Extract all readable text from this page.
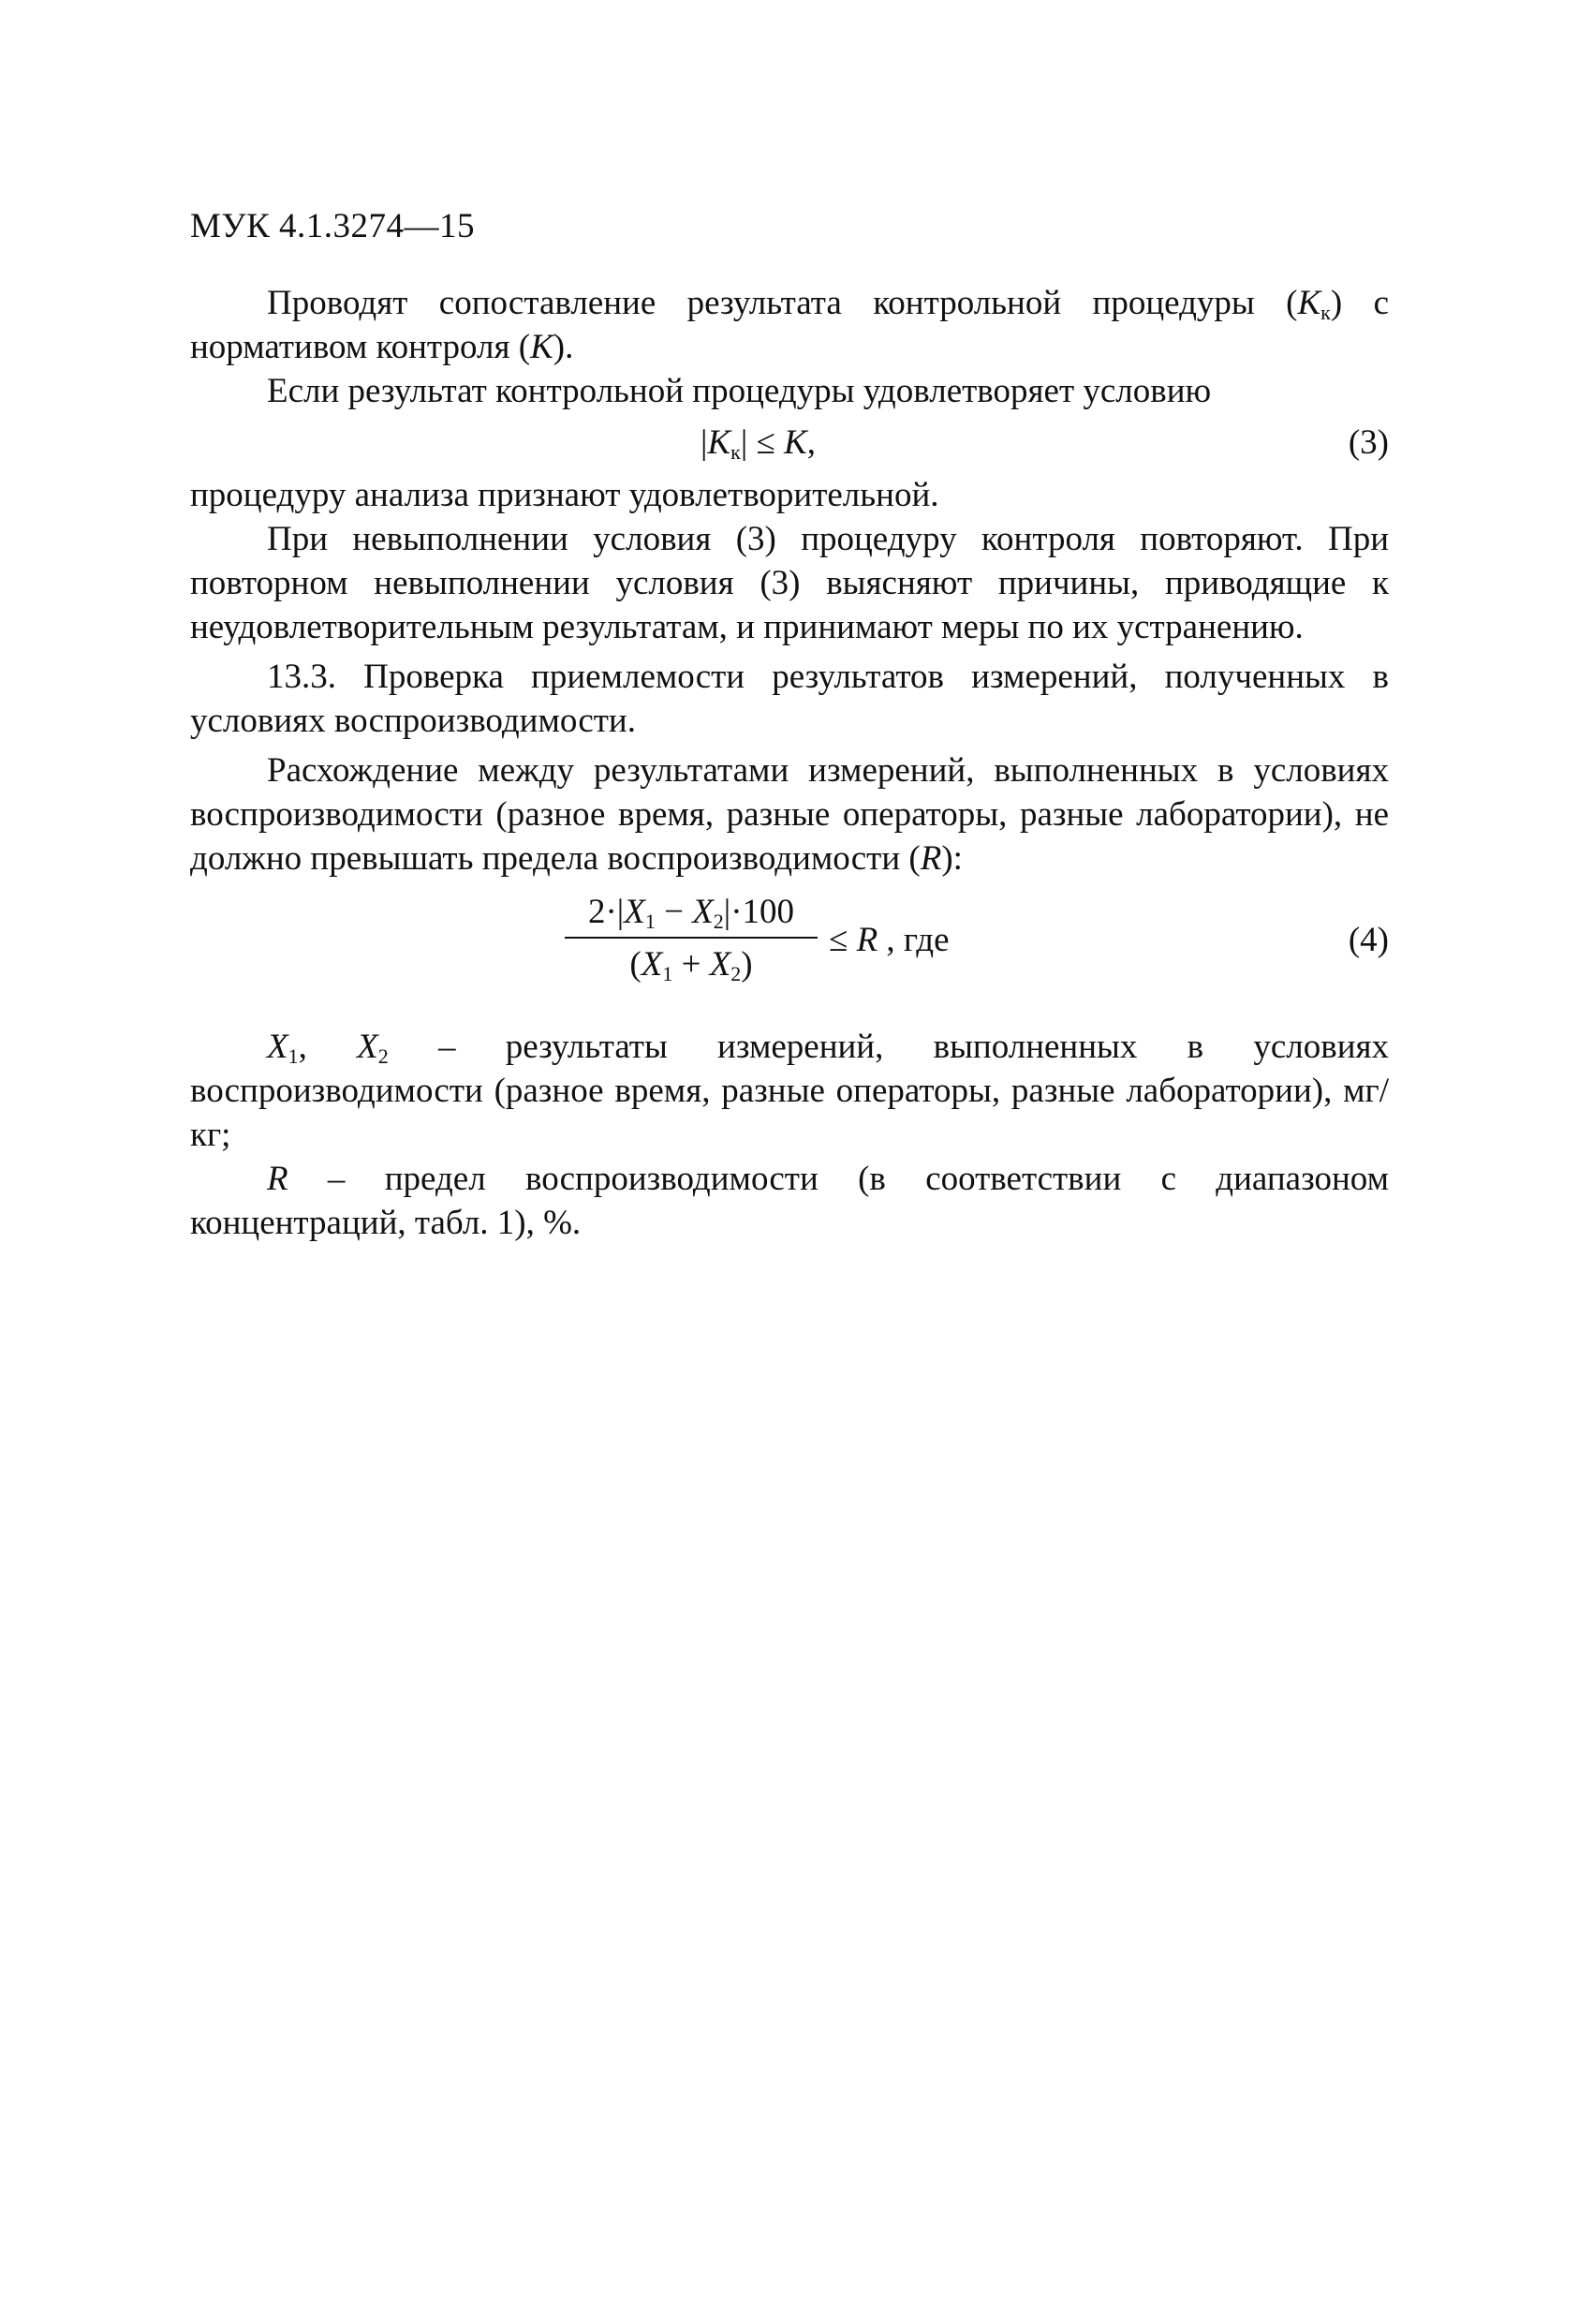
МУК 4.1.3274—15

Проводят сопоставление результата контрольной процедуры $(K_к)$ с нормативом контроля (K).

Если результат контрольной процедуры удовлетворяет условию

$|K_к| \le K$,	(3)

процедуру анализа признают удовлетворительной.

При невыполнении условия (3) процедуру контроля повторяют. При повторном невыполнении условия (3) выясняют причины, приводящие к неудовлетворительным результатам, и принимают меры по их устранению.

13.3. Проверка приемлемости результатов измерений, полученных в условиях воспроизводимости.

Расхождение между результатами измерений, выполненных в условиях воспроизводимости (разное время, разные операторы, разные лаборатории), не должно превышать предела воспроизводимости (R):

$2\cdot|X_1 - X_2|\cdot 100$
$(X_1 + X_2)$
≤ R , где	(4)

$X_1$, $X_2$ – результаты измерений, выполненных в условиях воспроизводимости (разное время, разные операторы, разные лаборатории), мг/кг;

R – предел воспроизводимости (в соответствии с диапазоном концентраций, табл. 1), %.
